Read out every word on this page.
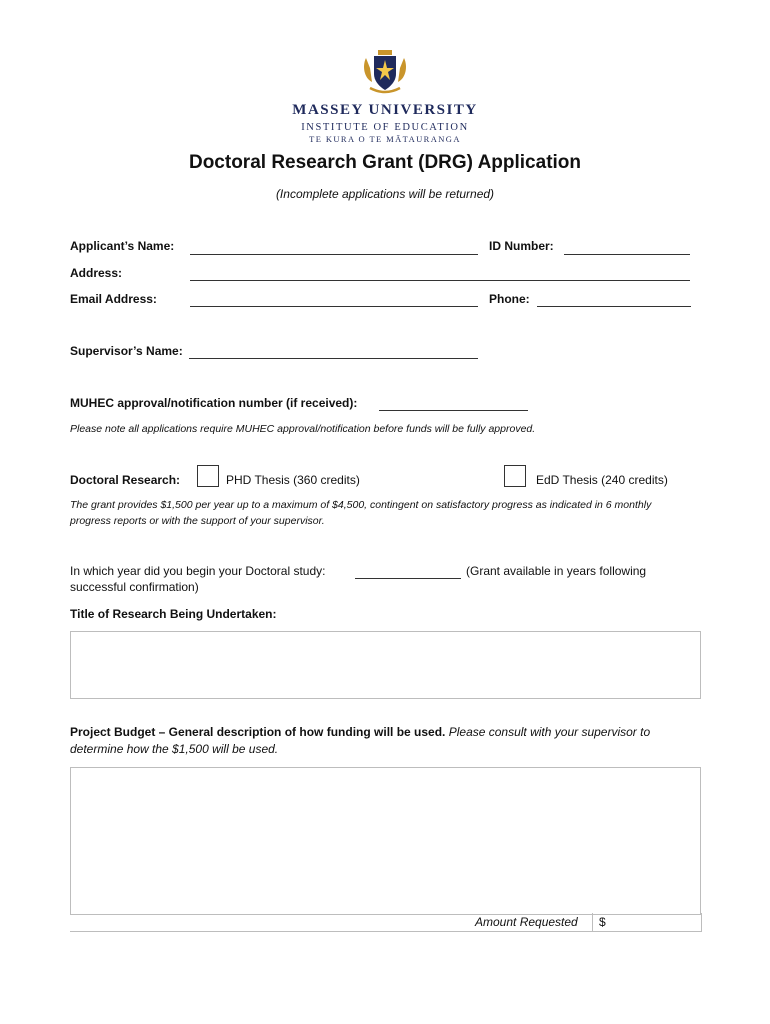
MASSEY UNIVERSITY
INSTITUTE OF EDUCATION
TE KURA O TE MĀTAURANGA
Doctoral Research Grant (DRG) Application
(Incomplete applications will be returned)
Applicant’s Name:	ID Number:
Address:
Email Address:	Phone:
Supervisor’s Name:
MUHEC approval/notification number (if received):
Please note all applications require MUHEC approval/notification before funds will be fully approved.
Doctoral Research:	PHD Thesis (360 credits)	EdD Thesis (240 credits)
The grant provides $1,500 per year up to a maximum of $4,500, contingent on satisfactory progress as indicated in 6 monthly progress reports or with the support of your supervisor.
In which year did you begin your Doctoral study:	(Grant available in years following
successful confirmation)
Title of Research Being Undertaken:
Project Budget – General description of how funding will be used. Please consult with your supervisor to
determine how the $1,500 will be used.
Amount Requested	$
